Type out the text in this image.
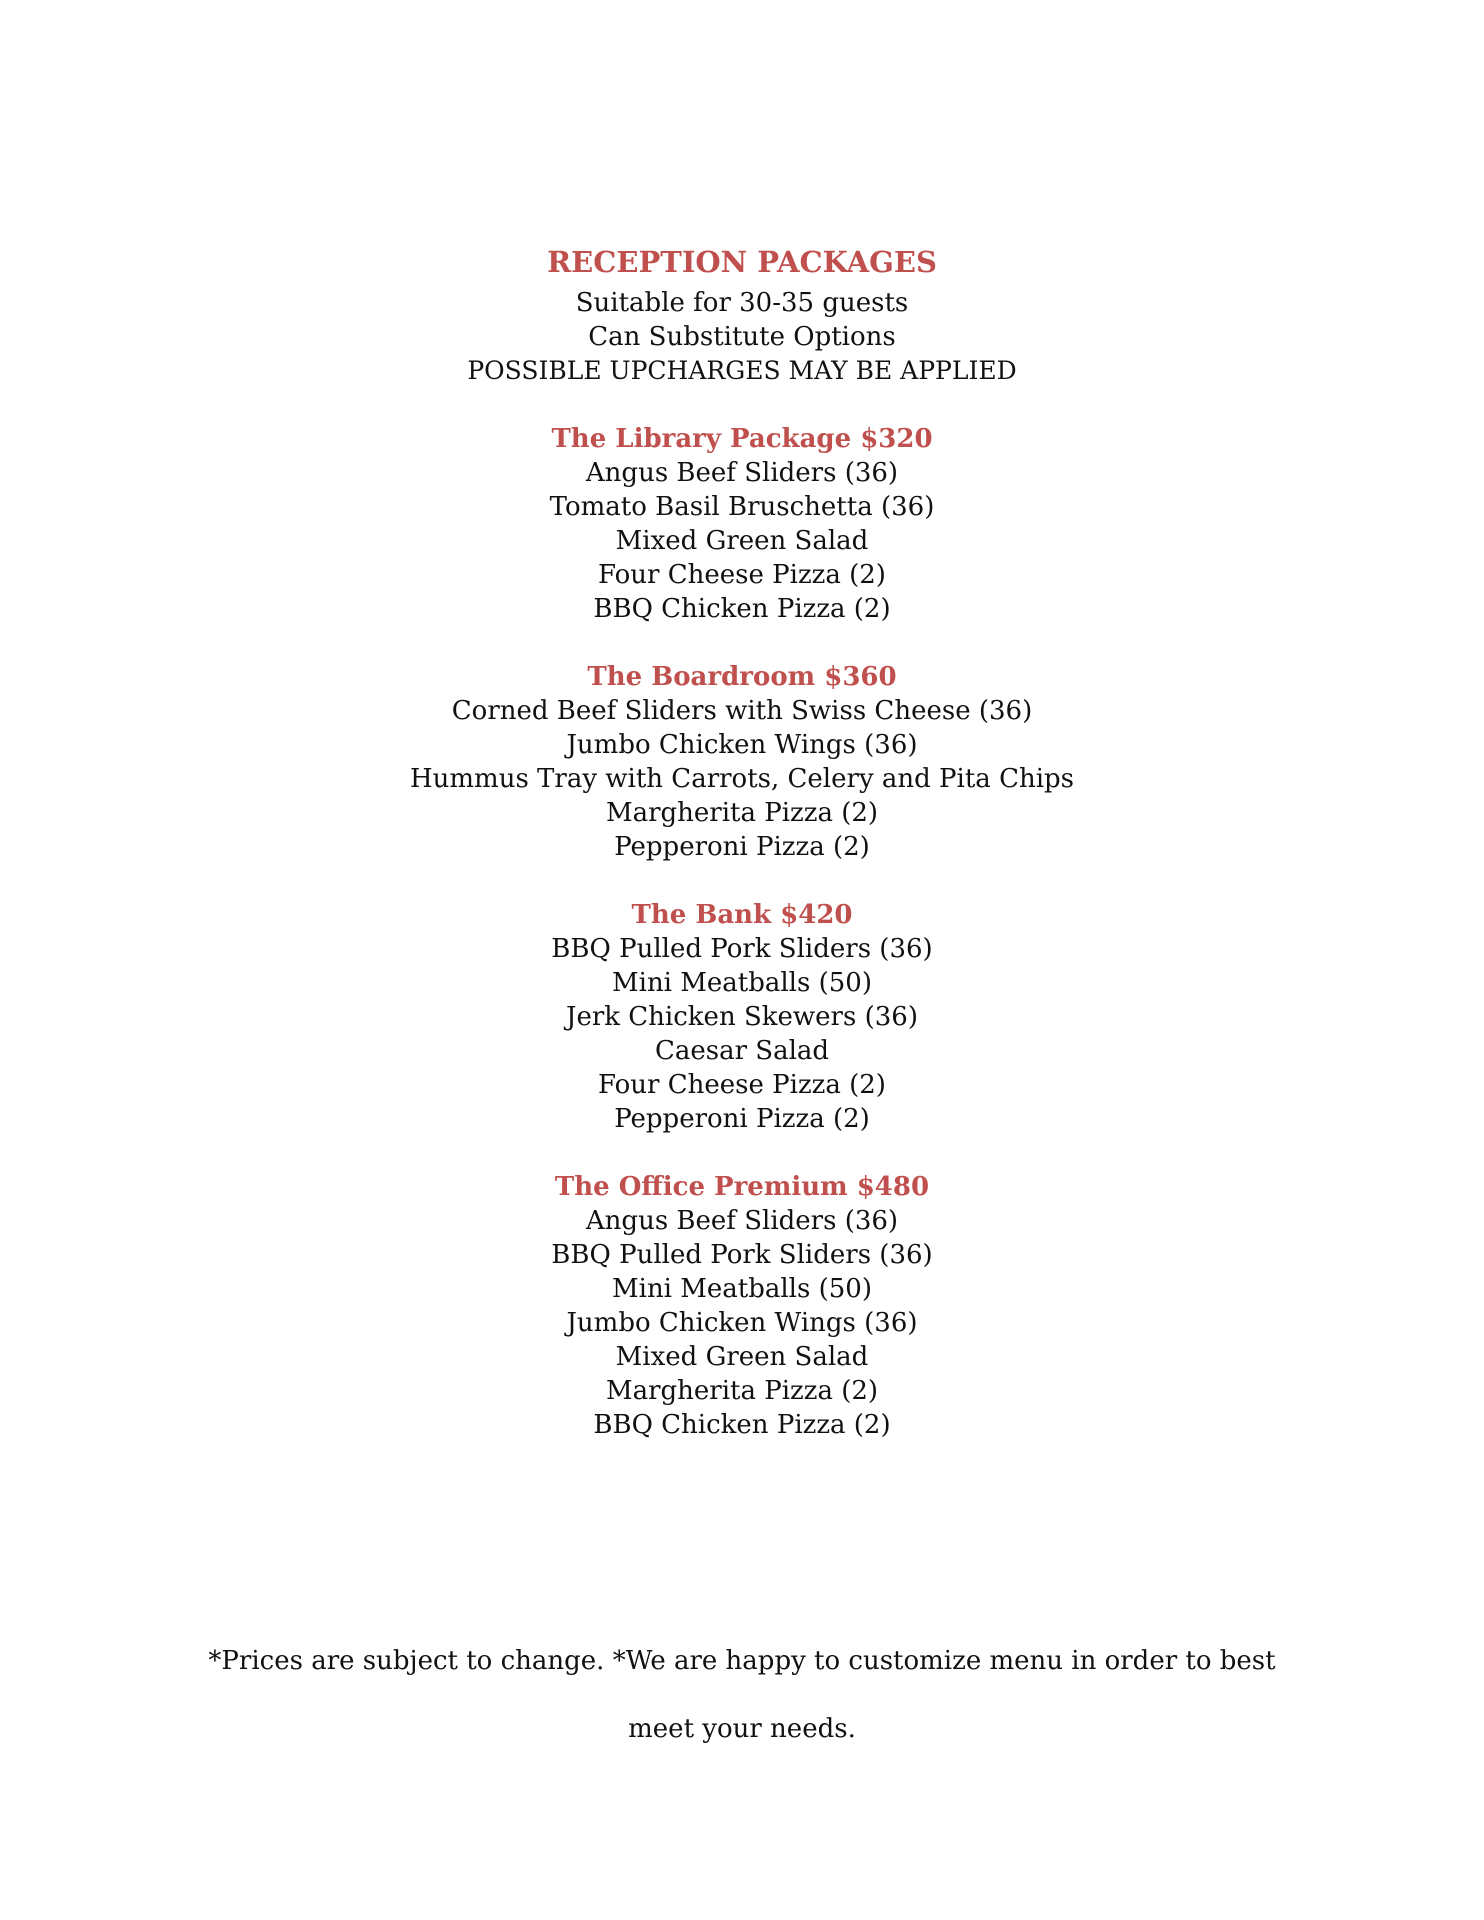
RECEPTION PACKAGES

Suitable for 30-35 guests

Can Substitute Options

POSSIBLE UPCHARGES MAY BE APPLIED

The Library Package $320

Angus Beef Sliders (36)

Tomato Basil Bruschetta (36)

Mixed Green Salad

Four Cheese Pizza (2)

BBQ Chicken Pizza (2)

The Boardroom $360

Corned Beef Sliders with Swiss Cheese (36)

Jumbo Chicken Wings (36)

Hummus Tray with Carrots, Celery and Pita Chips

Margherita Pizza (2)

Pepperoni Pizza (2)

The Bank $420

BBQ Pulled Pork Sliders (36)

Mini Meatballs (50)

Jerk Chicken Skewers (36)

Caesar Salad

Four Cheese Pizza (2)

Pepperoni Pizza (2)

The Office Premium $480

Angus Beef Sliders (36)

BBQ Pulled Pork Sliders (36)

Mini Meatballs (50)

Jumbo Chicken Wings (36)

Mixed Green Salad

Margherita Pizza (2)

BBQ Chicken Pizza (2)

*Prices are subject to change. *We are happy to customize menu in order to best

meet your needs.
